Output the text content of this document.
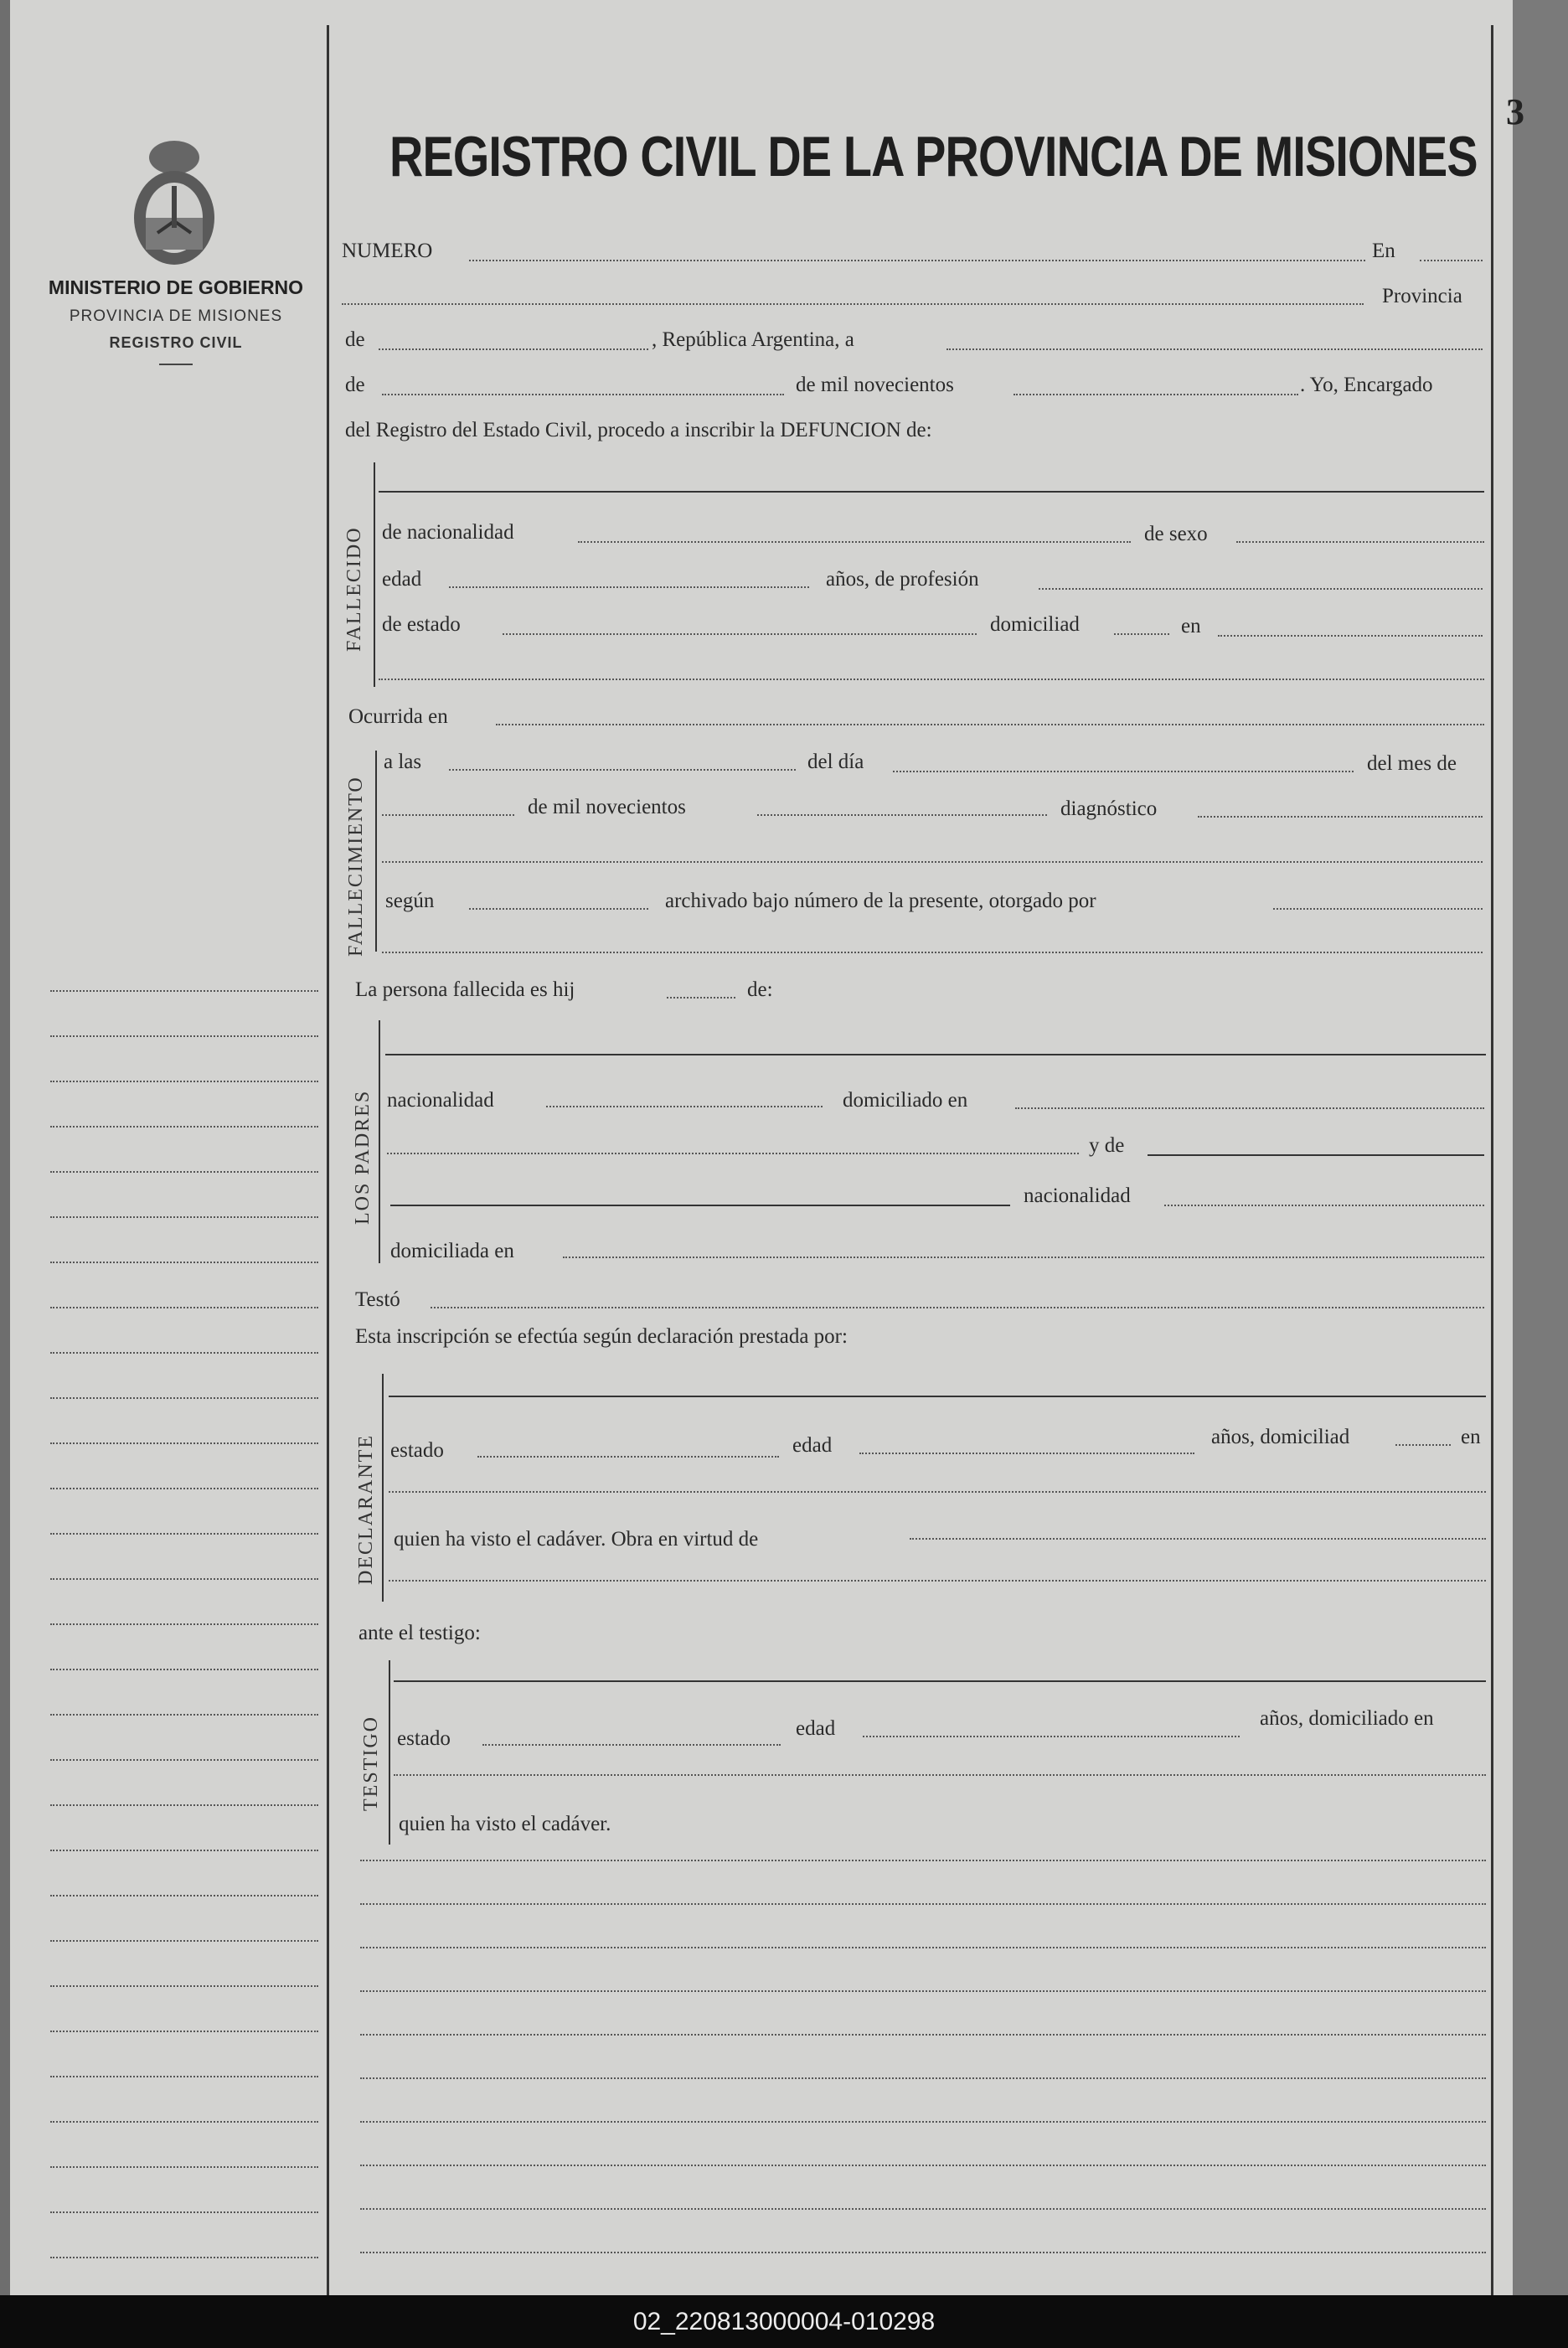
MINISTERIO DE GOBIERNO
PROVINCIA DE MISIONES
REGISTRO CIVIL
3
REGISTRO CIVIL DE LA PROVINCIA DE MISIONES
NUMERO	En
Provincia
de	, República Argentina, a
de	de mil novecientos	. Yo, Encargado
del Registro del Estado Civil, procedo a inscribir la DEFUNCION de:
FALLECIDO de nacionalidad	de sexo
edad	años, de profesión
de estado	domiciliad	en
Ocurrida en
FALLECIMIENTO
a las	del día	del mes de
de mil novecientos	diagnóstico
según	archivado bajo número de la presente, otorgado por
La persona fallecida es hij	de:
LOS PADRES nacionalidad	domiciliado en
y de
nacionalidad
domiciliada en
Testó
Esta inscripción se efectúa según declaración prestada por:
DECLARANTE estado	edad	años, domiciliad	en
quien ha visto el cadáver. Obra en virtud de
ante el testigo:
TESTIGO estado	edad	años, domiciliado en
quien ha visto el cadáver.
02_220813000004-010298
